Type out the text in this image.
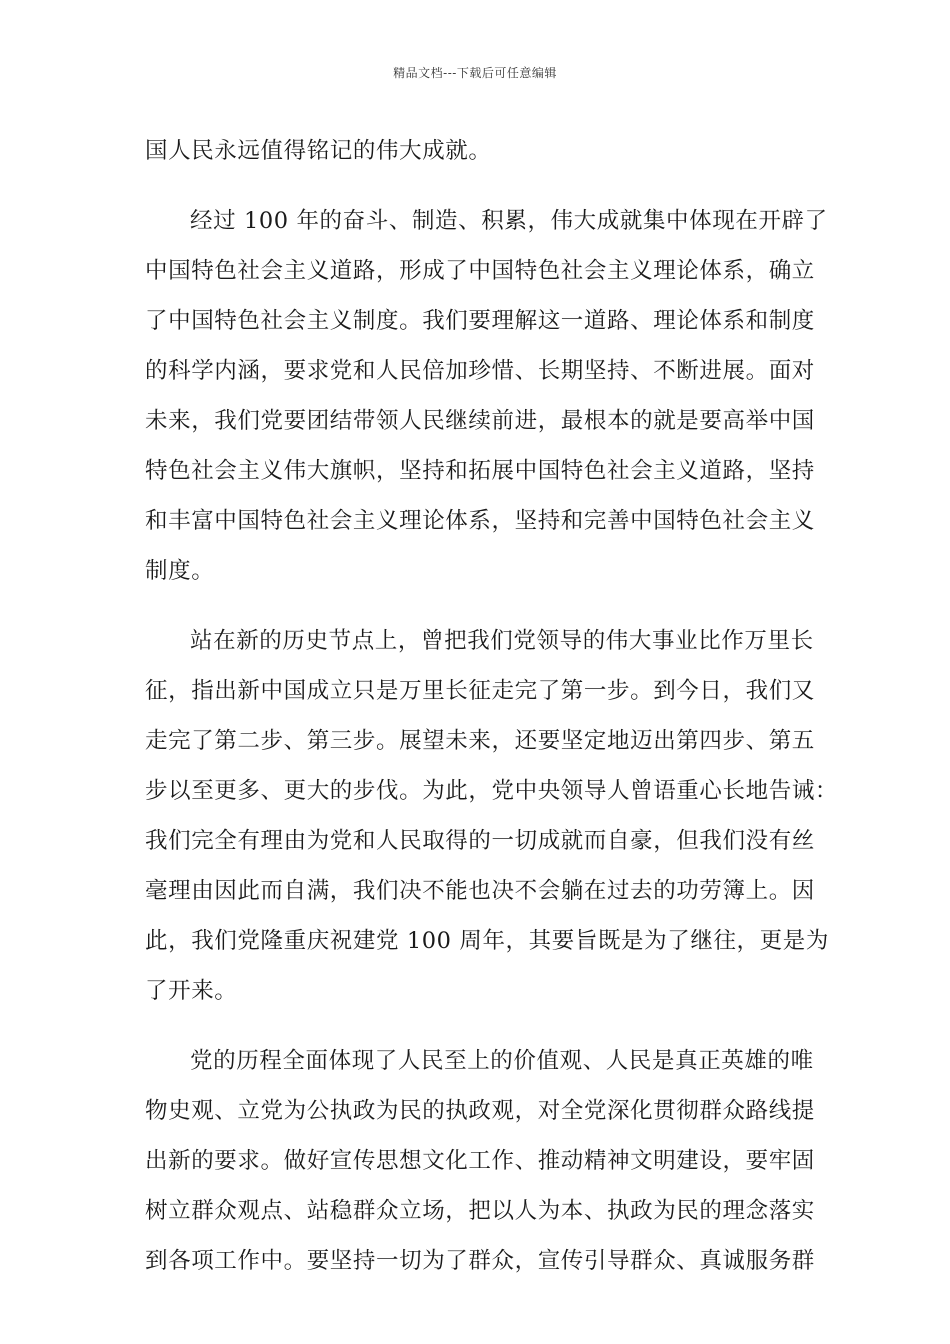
精品文档---下载后可任意编辑
国人民永远值得铭记的伟大成就。
经过 100 年的奋斗、制造、积累，伟大成就集中体现在开辟了
中国特色社会主义道路，形成了中国特色社会主义理论体系，确立
了中国特色社会主义制度。我们要理解这一道路、理论体系和制度
的科学内涵，要求党和人民倍加珍惜、长期坚持、不断进展。面对
未来，我们党要团结带领人民继续前进，最根本的就是要高举中国
特色社会主义伟大旗帜，坚持和拓展中国特色社会主义道路，坚持
和丰富中国特色社会主义理论体系，坚持和完善中国特色社会主义
制度。
站在新的历史节点上，曾把我们党领导的伟大事业比作万里长
征，指出新中国成立只是万里长征走完了第一步。到今日，我们又
走完了第二步、第三步。展望未来，还要坚定地迈出第四步、第五
步以至更多、更大的步伐。为此，党中央领导人曾语重心长地告诫：
我们完全有理由为党和人民取得的一切成就而自豪，但我们没有丝
毫理由因此而自满，我们决不能也决不会躺在过去的功劳簿上。因
此，我们党隆重庆祝建党 100 周年，其要旨既是为了继往，更是为
了开来。
党的历程全面体现了人民至上的价值观、人民是真正英雄的唯
物史观、立党为公执政为民的执政观，对全党深化贯彻群众路线提
出新的要求。做好宣传思想文化工作、推动精神文明建设，要牢固
树立群众观点、站稳群众立场，把以人为本、执政为民的理念落实
到各项工作中。要坚持一切为了群众，宣传引导群众、真诚服务群
